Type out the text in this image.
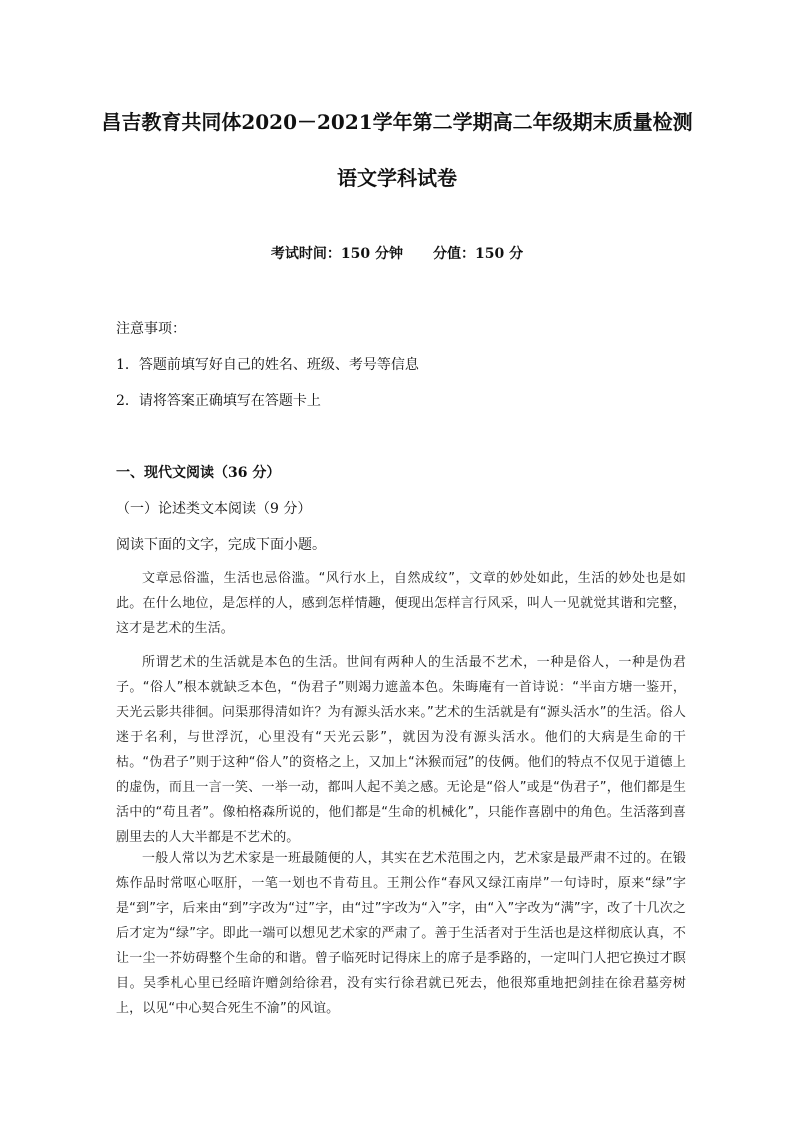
昌吉教育共同体2020－2021学年第二学期高二年级期末质量检测
语文学科试卷
考试时间：150 分钟 分值：150 分
注意事项：
1．答题前填写好自己的姓名、班级、考号等信息
2．请将答案正确填写在答题卡上
一、现代文阅读（36 分）
（一）论述类文本阅读（9 分）
阅读下面的文字，完成下面小题。

文章忌俗滥，生活也忌俗滥。“风行水上，自然成纹”，文章的妙处如此，生活的妙处也是如此。在什么地位，是怎样的人，感到怎样情趣，便现出怎样言行风采，叫人一见就觉其谐和完整，这才是艺术的生活。

所谓艺术的生活就是本色的生活。世间有两种人的生活最不艺术，一种是俗人，一种是伪君子。“俗人”根本就缺乏本色，“伪君子”则竭力遮盖本色。朱晦庵有一首诗说：“半亩方塘一鉴开，天光云影共徘徊。问渠那得清如许？为有源头活水来。”艺术的生活就是有“源头活水”的生活。俗人迷于名利，与世浮沉，心里没有“天光云影”，就因为没有源头活水。他们的大病是生命的干枯。“伪君子”则于这种“俗人”的资格之上，又加上“沐猴而冠”的伎俩。他们的特点不仅见于道德上的虚伪，而且一言一笑、一举一动，都叫人起不美之感。无论是“俗人”或是“伪君子”，他们都是生活中的“苟且者”。像柏格森所说的，他们都是“生命的机械化”，只能作喜剧中的角色。生活落到喜剧里去的人大半都是不艺术的。

一般人常以为艺术家是一班最随便的人，其实在艺术范围之内，艺术家是最严肃不过的。在锻炼作品时常呕心呕肝，一笔一划也不肯苟且。王荆公作“春风又绿江南岸”一句诗时，原来“绿”字是“到”字，后来由“到”字改为“过”字，由“过”字改为“入”字，由“入”字改为“满”字，改了十几次之后才定为“绿”字。即此一端可以想见艺术家的严肃了。善于生活者对于生活也是这样彻底认真，不让一尘一芥妨碍整个生命的和谐。曾子临死时记得床上的席子是季路的，一定叫门人把它换过才瞑目。吴季札心里已经暗许赠剑给徐君，没有实行徐君就已死去，他很郑重地把剑挂在徐君墓旁树上，以见“中心契合死生不渝”的风谊。
